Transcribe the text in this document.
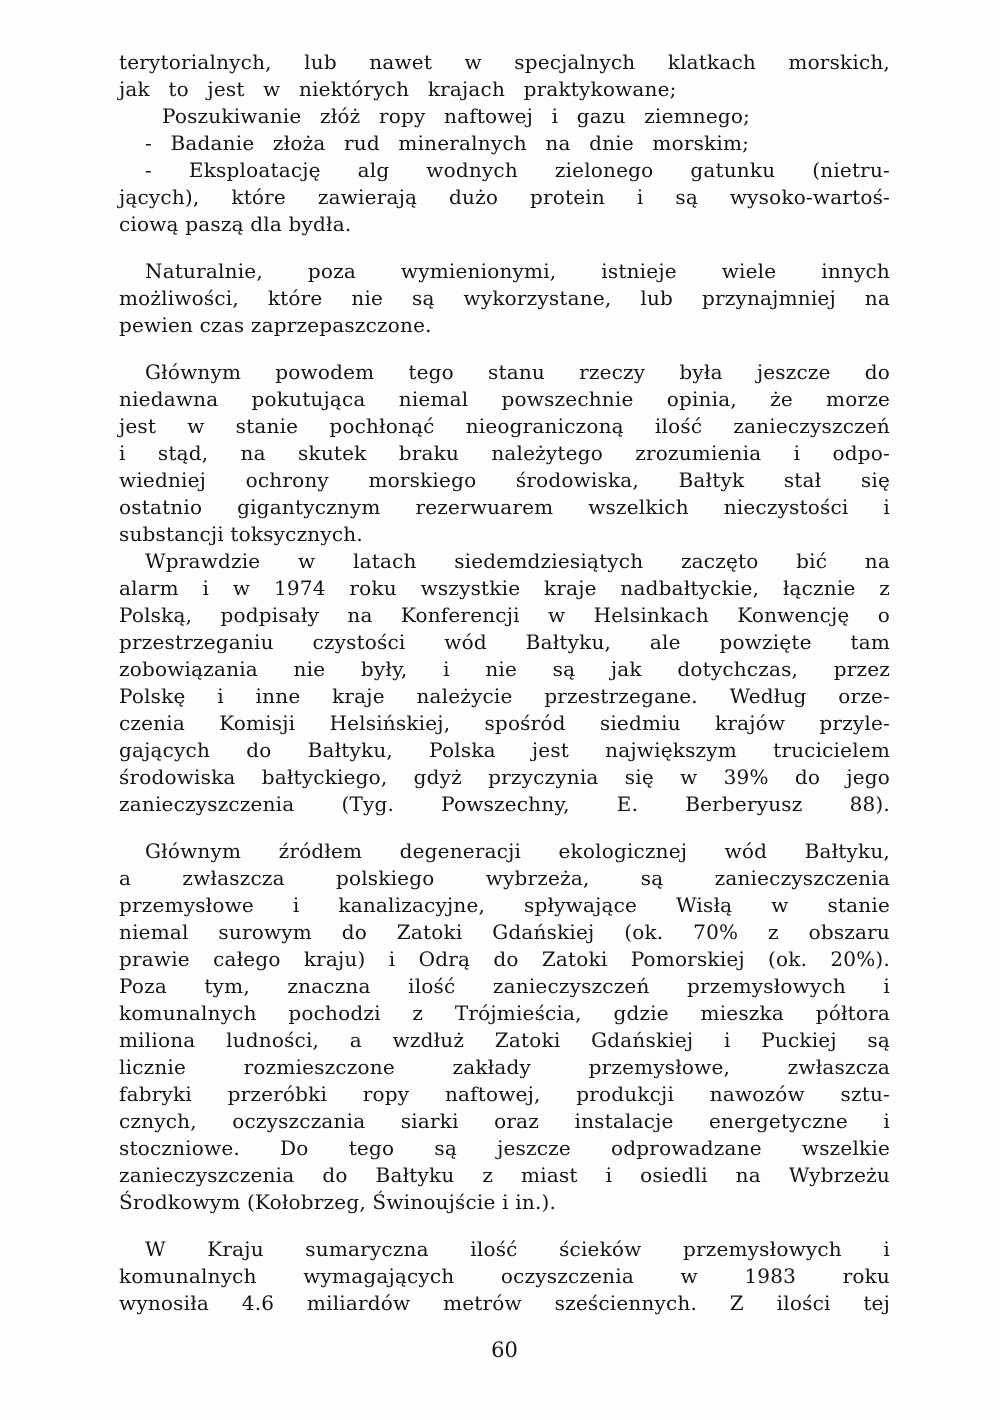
terytorialnych, lub nawet w specjalnych klatkach morskich,
jak to jest w niektórych krajach praktykowane;
Poszukiwanie złóż ropy naftowej i gazu ziemnego;
- Badanie złoża rud mineralnych na dnie morskim;
- Eksploatację alg wodnych zielonego gatunku (nietru-
jących), które zawierają dużo protein i są wysoko-wartoś-
ciową paszą dla bydła.
Naturalnie, poza wymienionymi, istnieje wiele innych
możliwości, które nie są wykorzystane, lub przynajmniej na
pewien czas zaprzepaszczone.
Głównym powodem tego stanu rzeczy była jeszcze do
niedawna pokutująca niemal powszechnie opinia, że morze
jest w stanie pochłonąć nieograniczoną ilość zanieczyszczeń
i stąd, na skutek braku należytego zrozumienia i odpo-
wiedniej ochrony morskiego środowiska, Bałtyk stał się
ostatnio gigantycznym rezerwuarem wszelkich nieczystości i
substancji toksycznych.
Wprawdzie w latach siedemdziesiątych zaczęto bić na
alarm i w 1974 roku wszystkie kraje nadbałtyckie, łącznie z
Polską, podpisały na Konferencji w Helsinkach Konwencję o
przestrzeganiu czystości wód Bałtyku, ale powzięte tam
zobowiązania nie były, i nie są jak dotychczas, przez
Polskę i inne kraje należycie przestrzegane. Według orze-
czenia Komisji Helsińskiej, spośród siedmiu krajów przyle-
gających do Bałtyku, Polska jest największym trucicielem
środowiska bałtyckiego, gdyż przyczynia się w 39% do jego
zanieczyszczenia (Tyg. Powszechny, E. Berberyusz 88).
Głównym źródłem degeneracji ekologicznej wód Bałtyku,
a zwłaszcza polskiego wybrzeża, są zanieczyszczenia
przemysłowe i kanalizacyjne, spływające Wisłą w stanie
niemal surowym do Zatoki Gdańskiej (ok. 70% z obszaru
prawie całego kraju) i Odrą do Zatoki Pomorskiej (ok. 20%).
Poza tym, znaczna ilość zanieczyszczeń przemysłowych i
komunalnych pochodzi z Trójmieścia, gdzie mieszka półtora
miliona ludności, a wzdłuż Zatoki Gdańskiej i Puckiej są
licznie rozmieszczone zakłady przemysłowe, zwłaszcza
fabryki przeróbki ropy naftowej, produkcji nawozów sztu-
cznych, oczyszczania siarki oraz instalacje energetyczne i
stoczniowe. Do tego są jeszcze odprowadzane wszelkie
zanieczyszczenia do Bałtyku z miast i osiedli na Wybrzeżu
Środkowym (Kołobrzeg, Świnoujście i in.).
W Kraju sumaryczna ilość ścieków przemysłowych i
komunalnych wymagających oczyszczenia w 1983 roku
wynosiła 4.6 miliardów metrów sześciennych. Z ilości tej
60
